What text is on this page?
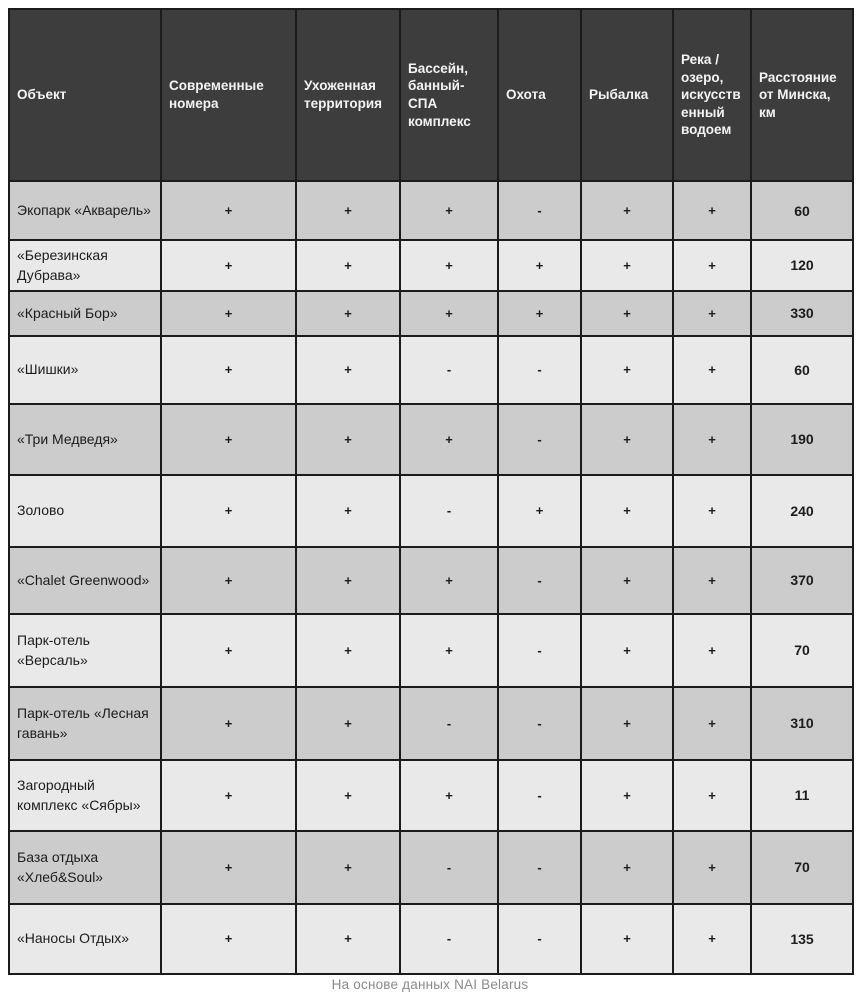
Объект	Современные номера	Ухоженная территория	Бассейн, банный-СПА комплекс	Охота	Рыбалка	Река / озеро, искусственный водоем	Расстояние от Минска, км
Экопарк «Акварель»	+	+	+	-	+	+	60
«Березинская Дубрава»	+	+	+	+	+	+	120
«Красный Бор»	+	+	+	+	+	+	330
«Шишки»	+	+	-	-	+	+	60
«Три Медведя»	+	+	+	-	+	+	190
Золово	+	+	-	+	+	+	240
«Chalet Greenwood»	+	+	+	-	+	+	370
Парк-отель «Версаль»	+	+	+	-	+	+	70
Парк-отель «Лесная гавань»	+	+	-	-	+	+	310
Загородный комплекс «Сябры»	+	+	+	-	+	+	11
База отдыха «Хлеб&Soul»	+	+	-	-	+	+	70
«Наносы Отдых»	+	+	-	-	+	+	135
На основе данных NAI Belarus
